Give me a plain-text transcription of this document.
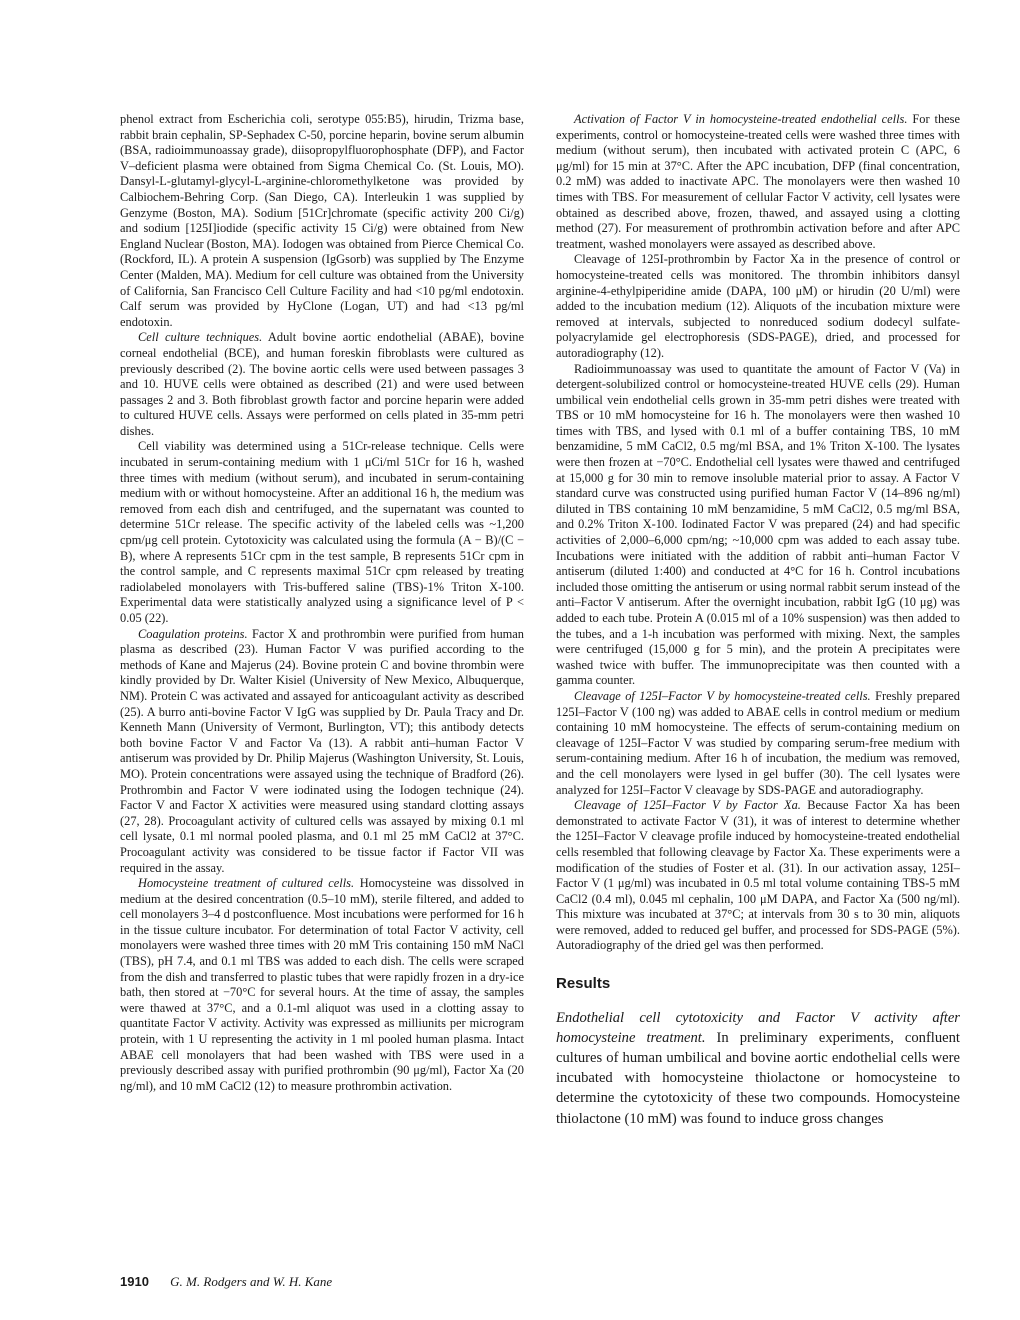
phenol extract from Escherichia coli, serotype 055:B5), hirudin, Trizma base, rabbit brain cephalin, SP-Sephadex C-50, porcine heparin, bovine serum albumin (BSA, radioimmunoassay grade), diisopropylfluorophosphate (DFP), and Factor V–deficient plasma were obtained from Sigma Chemical Co. (St. Louis, MO). Dansyl-L-glutamyl-glycyl-L-arginine-chloromethylketone was provided by Calbiochem-Behring Corp. (San Diego, CA). Interleukin 1 was supplied by Genzyme (Boston, MA). Sodium [51Cr]chromate (specific activity 200 Ci/g) and sodium [125I]iodide (specific activity 15 Ci/g) were obtained from New England Nuclear (Boston, MA). Iodogen was obtained from Pierce Chemical Co. (Rockford, IL). A protein A suspension (IgGsorb) was supplied by The Enzyme Center (Malden, MA). Medium for cell culture was obtained from the University of California, San Francisco Cell Culture Facility and had <10 pg/ml endotoxin. Calf serum was provided by HyClone (Logan, UT) and had <13 pg/ml endotoxin.

Cell culture techniques. Adult bovine aortic endothelial (ABAE), bovine corneal endothelial (BCE), and human foreskin fibroblasts were cultured as previously described (2). The bovine aortic cells were used between passages 3 and 10. HUVE cells were obtained as described (21) and were used between passages 2 and 3. Both fibroblast growth factor and porcine heparin were added to cultured HUVE cells. Assays were performed on cells plated in 35-mm petri dishes.

Cell viability was determined using a 51Cr-release technique. Cells were incubated in serum-containing medium with 1 μCi/ml 51Cr for 16 h, washed three times with medium (without serum), and incubated in serum-containing medium with or without homocysteine. After an additional 16 h, the medium was removed from each dish and centrifuged, and the supernatant was counted to determine 51Cr release. The specific activity of the labeled cells was ~1,200 cpm/μg cell protein. Cytotoxicity was calculated using the formula (A − B)/(C − B), where A represents 51Cr cpm in the test sample, B represents 51Cr cpm in the control sample, and C represents maximal 51Cr cpm released by treating radiolabeled monolayers with Tris-buffered saline (TBS)-1% Triton X-100. Experimental data were statistically analyzed using a significance level of P < 0.05 (22).

Coagulation proteins. Factor X and prothrombin were purified from human plasma as described (23). Human Factor V was purified according to the methods of Kane and Majerus (24). Bovine protein C and bovine thrombin were kindly provided by Dr. Walter Kisiel (University of New Mexico, Albuquerque, NM). Protein C was activated and assayed for anticoagulant activity as described (25). A burro anti-bovine Factor V IgG was supplied by Dr. Paula Tracy and Dr. Kenneth Mann (University of Vermont, Burlington, VT); this antibody detects both bovine Factor V and Factor Va (13). A rabbit anti–human Factor V antiserum was provided by Dr. Philip Majerus (Washington University, St. Louis, MO). Protein concentrations were assayed using the technique of Bradford (26). Prothrombin and Factor V were iodinated using the Iodogen technique (24). Factor V and Factor X activities were measured using standard clotting assays (27, 28). Procoagulant activity of cultured cells was assayed by mixing 0.1 ml cell lysate, 0.1 ml normal pooled plasma, and 0.1 ml 25 mM CaCl2 at 37°C. Procoagulant activity was considered to be tissue factor if Factor VII was required in the assay.

Homocysteine treatment of cultured cells. Homocysteine was dissolved in medium at the desired concentration (0.5–10 mM), sterile filtered, and added to cell monolayers 3–4 d postconfluence. Most incubations were performed for 16 h in the tissue culture incubator. For determination of total Factor V activity, cell monolayers were washed three times with 20 mM Tris containing 150 mM NaCl (TBS), pH 7.4, and 0.1 ml TBS was added to each dish. The cells were scraped from the dish and transferred to plastic tubes that were rapidly frozen in a dry-ice bath, then stored at −70°C for several hours. At the time of assay, the samples were thawed at 37°C, and a 0.1-ml aliquot was used in a clotting assay to quantitate Factor V activity. Activity was expressed as milliunits per microgram protein, with 1 U representing the activity in 1 ml pooled human plasma. Intact ABAE cell monolayers that had been washed with TBS were used in a previously described assay with purified prothrombin (90 μg/ml), Factor Xa (20 ng/ml), and 10 mM CaCl2 (12) to measure prothrombin activation.

Activation of Factor V in homocysteine-treated endothelial cells. For these experiments, control or homocysteine-treated cells were washed three times with medium (without serum), then incubated with activated protein C (APC, 6 μg/ml) for 15 min at 37°C. After the APC incubation, DFP (final concentration, 0.2 mM) was added to inactivate APC. The monolayers were then washed 10 times with TBS. For measurement of cellular Factor V activity, cell lysates were obtained as described above, frozen, thawed, and assayed using a clotting method (27). For measurement of prothrombin activation before and after APC treatment, washed monolayers were assayed as described above.

Cleavage of 125I-prothrombin by Factor Xa in the presence of control or homocysteine-treated cells was monitored. The thrombin inhibitors dansyl arginine-4-ethylpiperidine amide (DAPA, 100 μM) or hirudin (20 U/ml) were added to the incubation medium (12). Aliquots of the incubation mixture were removed at intervals, subjected to nonreduced sodium dodecyl sulfate-polyacrylamide gel electrophoresis (SDS-PAGE), dried, and processed for autoradiography (12).

Radioimmunoassay was used to quantitate the amount of Factor V (Va) in detergent-solubilized control or homocysteine-treated HUVE cells (29). Human umbilical vein endothelial cells grown in 35-mm petri dishes were treated with TBS or 10 mM homocysteine for 16 h. The monolayers were then washed 10 times with TBS, and lysed with 0.1 ml of a buffer containing TBS, 10 mM benzamidine, 5 mM CaCl2, 0.5 mg/ml BSA, and 1% Triton X-100. The lysates were then frozen at −70°C. Endothelial cell lysates were thawed and centrifuged at 15,000 g for 30 min to remove insoluble material prior to assay. A Factor V standard curve was constructed using purified human Factor V (14–896 ng/ml) diluted in TBS containing 10 mM benzamidine, 5 mM CaCl2, 0.5 mg/ml BSA, and 0.2% Triton X-100. Iodinated Factor V was prepared (24) and had specific activities of 2,000–6,000 cpm/ng; ~10,000 cpm was added to each assay tube. Incubations were initiated with the addition of rabbit anti–human Factor V antiserum (diluted 1:400) and conducted at 4°C for 16 h. Control incubations included those omitting the antiserum or using normal rabbit serum instead of the anti–Factor V antiserum. After the overnight incubation, rabbit IgG (10 μg) was added to each tube. Protein A (0.015 ml of a 10% suspension) was then added to the tubes, and a 1-h incubation was performed with mixing. Next, the samples were centrifuged (15,000 g for 5 min), and the protein A precipitates were washed twice with buffer. The immunoprecipitate was then counted with a gamma counter.

Cleavage of 125I–Factor V by homocysteine-treated cells. Freshly prepared 125I–Factor V (100 ng) was added to ABAE cells in control medium or medium containing 10 mM homocysteine. The effects of serum-containing medium on cleavage of 125I–Factor V was studied by comparing serum-free medium with serum-containing medium. After 16 h of incubation, the medium was removed, and the cell monolayers were lysed in gel buffer (30). The cell lysates were analyzed for 125I–Factor V cleavage by SDS-PAGE and autoradiography.

Cleavage of 125I–Factor V by Factor Xa. Because Factor Xa has been demonstrated to activate Factor V (31), it was of interest to determine whether the 125I–Factor V cleavage profile induced by homocysteine-treated endothelial cells resembled that following cleavage by Factor Xa. These experiments were a modification of the studies of Foster et al. (31). In our activation assay, 125I–Factor V (1 μg/ml) was incubated in 0.5 ml total volume containing TBS-5 mM CaCl2 (0.4 ml), 0.045 ml cephalin, 100 μM DAPA, and Factor Xa (500 ng/ml). This mixture was incubated at 37°C; at intervals from 30 s to 30 min, aliquots were removed, added to reduced gel buffer, and processed for SDS-PAGE (5%). Autoradiography of the dried gel was then performed.

Results

Endothelial cell cytotoxicity and Factor V activity after homocysteine treatment. In preliminary experiments, confluent cultures of human umbilical and bovine aortic endothelial cells were incubated with homocysteine thiolactone or homocysteine to determine the cytotoxicity of these two compounds. Homocysteine thiolactone (10 mM) was found to induce gross changes

1910 G. M. Rodgers and W. H. Kane
